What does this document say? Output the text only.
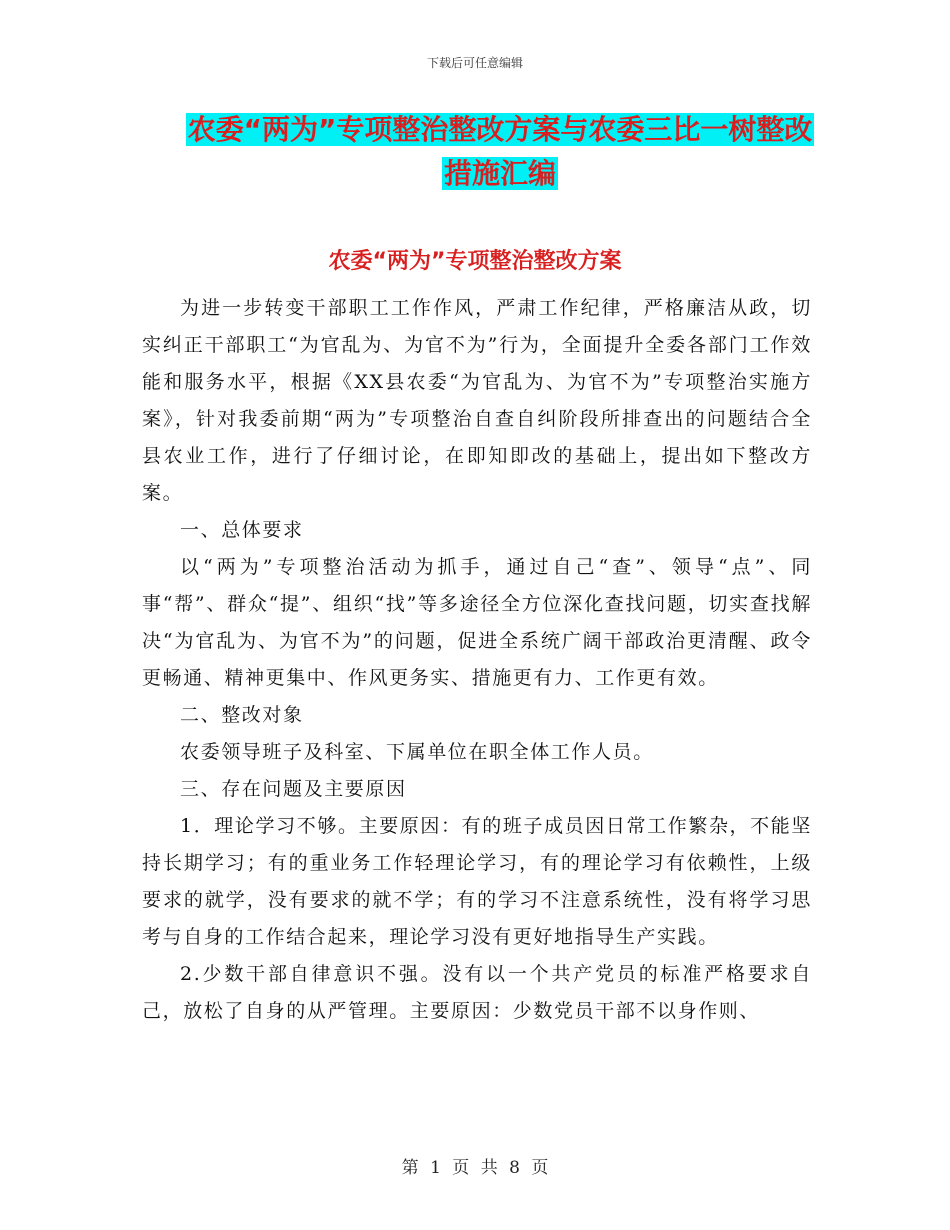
下载后可任意编辑
农委“两为”专项整治整改方案与农委三比一树整改
措施汇编
农委“两为”专项整治整改方案

为进一步转变干部职工工作作风，严肃工作纪律，严格廉洁从政，切实纠正干部职工“为官乱为、为官不为”行为，全面提升全委各部门工作效能和服务水平，根据《XX县农委“为官乱为、为官不为”专项整治实施方案》，针对我委前期“两为”专项整治自查自纠阶段所排查出的问题结合全县农业工作，进行了仔细讨论，在即知即改的基础上，提出如下整改方案。

一、总体要求

以“两为”专项整治活动为抓手，通过自己“查”、领导“点”、同事“帮”、群众“提”、组织“找”等多途径全方位深化查找问题，切实查找解决“为官乱为、为官不为”的问题，促进全系统广阔干部政治更清醒、政令更畅通、精神更集中、作风更务实、措施更有力、工作更有效。

二、整改对象

农委领导班子及科室、下属单位在职全体工作人员。

三、存在问题及主要原因

1．理论学习不够。主要原因：有的班子成员因日常工作繁杂，不能坚持长期学习；有的重业务工作轻理论学习，有的理论学习有依赖性，上级要求的就学，没有要求的就不学；有的学习不注意系统性，没有将学习思考与自身的工作结合起来，理论学习没有更好地指导生产实践。

2.少数干部自律意识不强。没有以一个共产党员的标准严格要求自己，放松了自身的从严管理。主要原因：少数党员干部不以身作则、

第 1 页 共 8 页
